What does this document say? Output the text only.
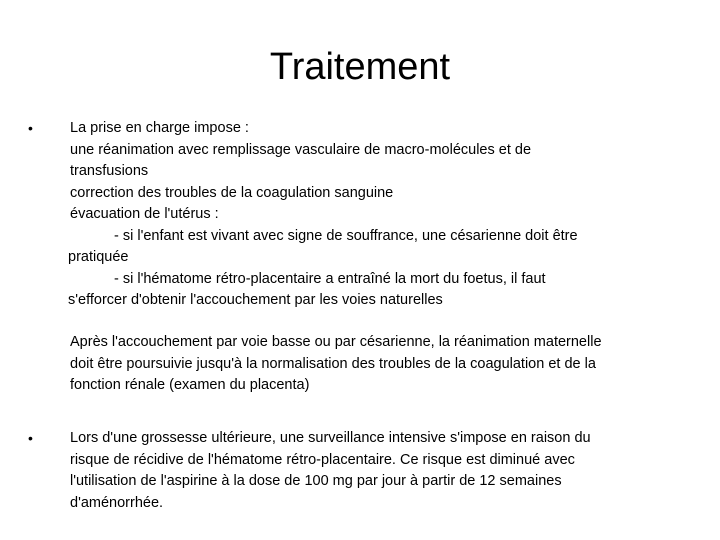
Traitement
•	La prise en charge impose :
une réanimation avec remplissage vasculaire de macro-molécules et de
transfusions
correction des troubles de la coagulation sanguine
évacuation de l'utérus :
- si l'enfant est vivant avec signe de souffrance, une césarienne doit être
pratiquée
- si l'hématome rétro-placentaire a entraîné la mort du foetus, il faut
s'efforcer d'obtenir l'accouchement par les voies naturelles
Après l'accouchement par voie basse ou par césarienne, la réanimation maternelle
doit être poursuivie jusqu'à la normalisation des troubles de la coagulation et de la
fonction rénale (examen du placenta)
•	Lors d'une grossesse ultérieure, une surveillance intensive s'impose en raison du
risque de récidive de l'hématome rétro-placentaire. Ce risque est diminué avec
l'utilisation de l'aspirine à la dose de 100 mg par jour à partir de 12 semaines
d'aménorrhée.
